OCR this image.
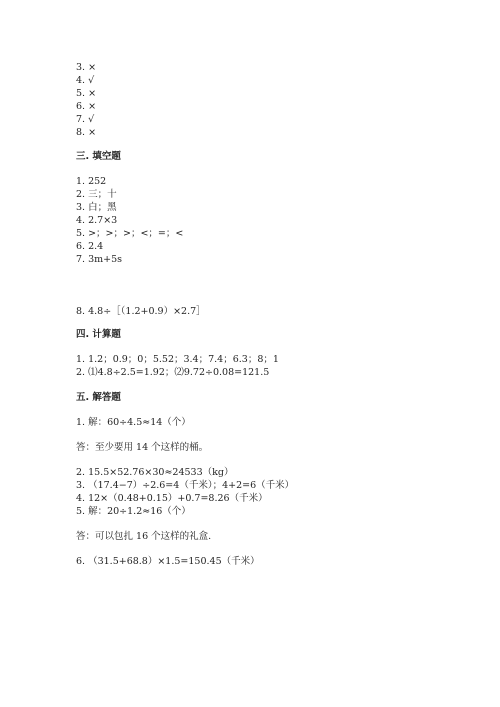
3. ×
4. √
5. ×
6. ×
7. √
8. ×
三. 填空题
1. 252
2. 三；十
3. 白；黑
4. 2.7×3
5. >；>；>；<；=；<
6. 2.4
7. 3m+5s
8. 4.8÷［（1.2+0.9）×2.7］
四. 计算题
1. 1.2；0.9；0；5.52；3.4；7.4；6.3；8；1
2. ⑴4.8÷2.5=1.92；⑵9.72÷0.08=121.5
五. 解答题
1. 解：60÷4.5≈14（个）
答：至少要用 14 个这样的桶。
2. 15.5×52.76×30≈24533（kg）
3. （17.4−7）÷2.6=4（千米）；4+2=6（千米）
4. 12×（0.48+0.15）+0.7=8.26（千米）
5. 解：20÷1.2≈16（个）
答：可以包扎 16 个这样的礼盒.
6. （31.5+68.8）×1.5=150.45（千米）
